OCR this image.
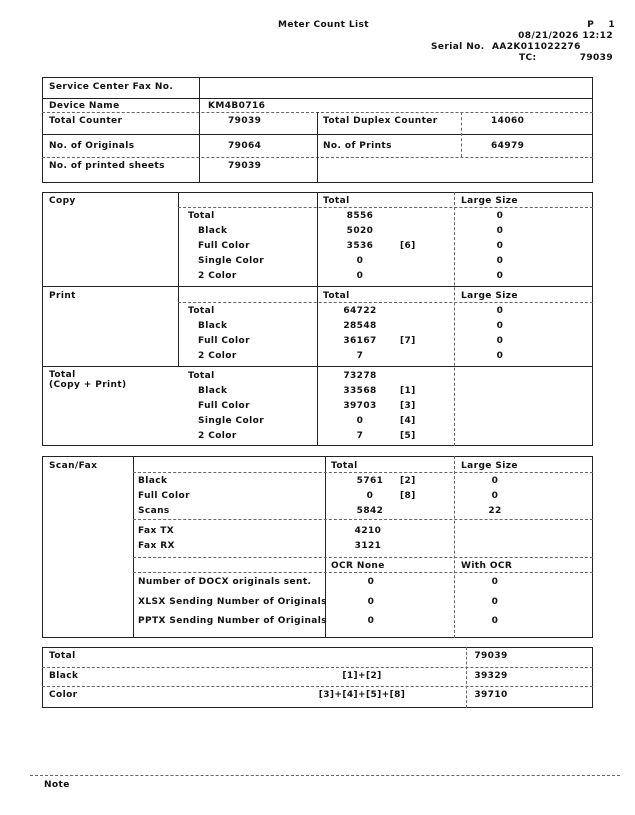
Meter Count List	P    1
08/21/2026 12:12
Serial No. AA2K011022276
TC:	79039
Service Center Fax No.
Device Name	KM4B0716
Total Counter	79039	Total Duplex Counter	14060
No. of Originals	79064	No. of Prints	64979
No. of printed sheets	79039
Copy	Total	Large Size
Total	8556	0
Black	5020	0
Full Color	3536	[6]	0
Single Color	0	0
2 Color	0	0
Print	Total	Large Size
Total	64722	0
Black	28548	0
Full Color	36167	[7]	0
2 Color	7	0
Total
(Copy + Print)
Total	73278
Black	33568	[1]
Full Color	39703	[3]
Single Color	0	[4]
2 Color	7	[5]
Scan/Fax	Total	Large Size
Black	5761 [2]	0
Full Color	0	[8]	0
Scans	5842	22
Fax TX	4210
Fax RX	3121
OCR None	With OCR
Number of DOCX originals sent.	0	0
XLSX Sending Number of Originals	0	0
PPTX Sending Number of Originals	0	0
Total	79039
Black	[1]+[2]	39329
Color	[3]+[4]+[5]+[8]	39710
Note
